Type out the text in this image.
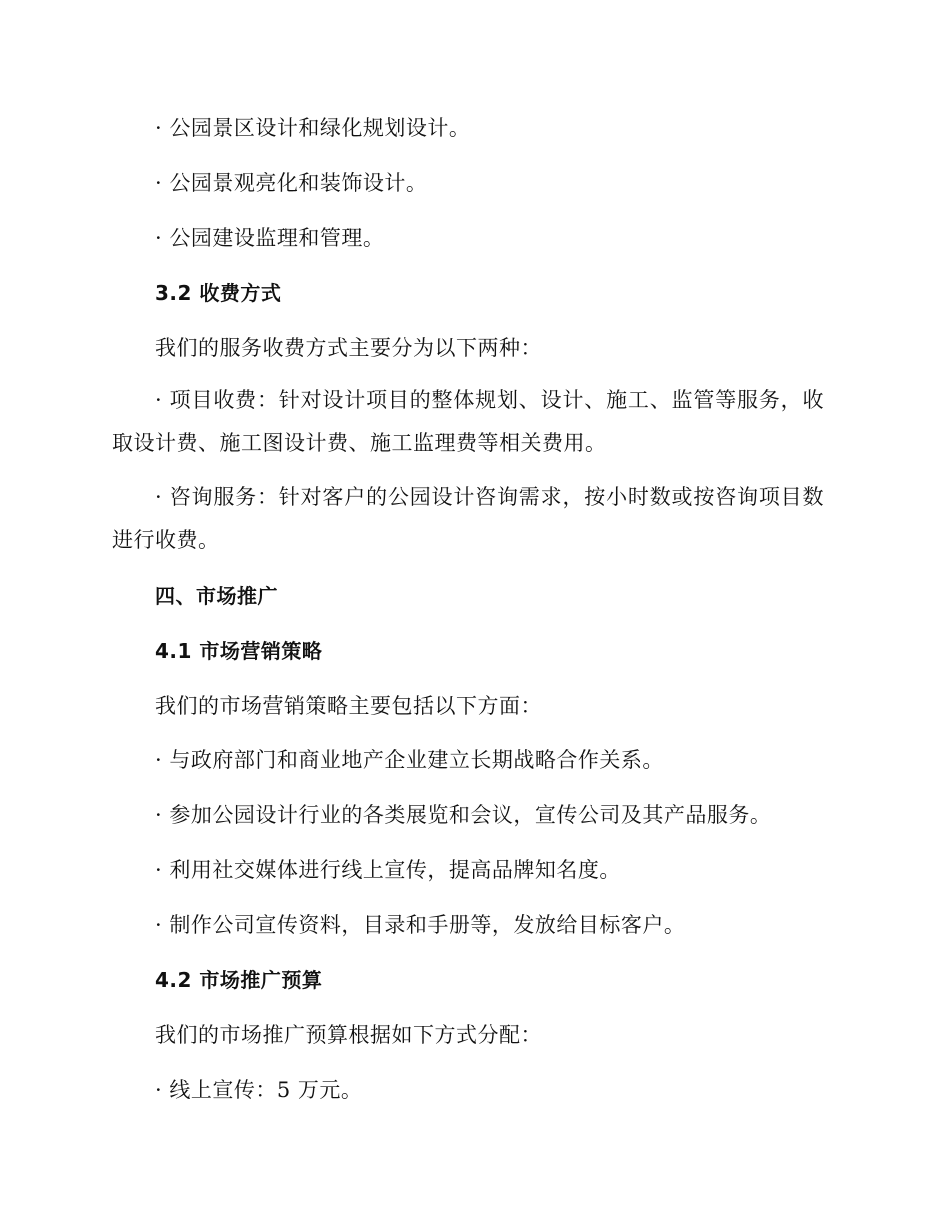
· 公园景区设计和绿化规划设计。
· 公园景观亮化和装饰设计。
· 公园建设监理和管理。
3.2 收费方式
我们的服务收费方式主要分为以下两种：
· 项目收费：针对设计项目的整体规划、设计、施工、监管等服务，收取设计费、施工图设计费、施工监理费等相关费用。
· 咨询服务：针对客户的公园设计咨询需求，按小时数或按咨询项目数进行收费。
四、市场推广
4.1 市场营销策略
我们的市场营销策略主要包括以下方面：
· 与政府部门和商业地产企业建立长期战略合作关系。
· 参加公园设计行业的各类展览和会议，宣传公司及其产品服务。
· 利用社交媒体进行线上宣传，提高品牌知名度。
· 制作公司宣传资料，目录和手册等，发放给目标客户。
4.2 市场推广预算
我们的市场推广预算根据如下方式分配：
· 线上宣传：5 万元。
